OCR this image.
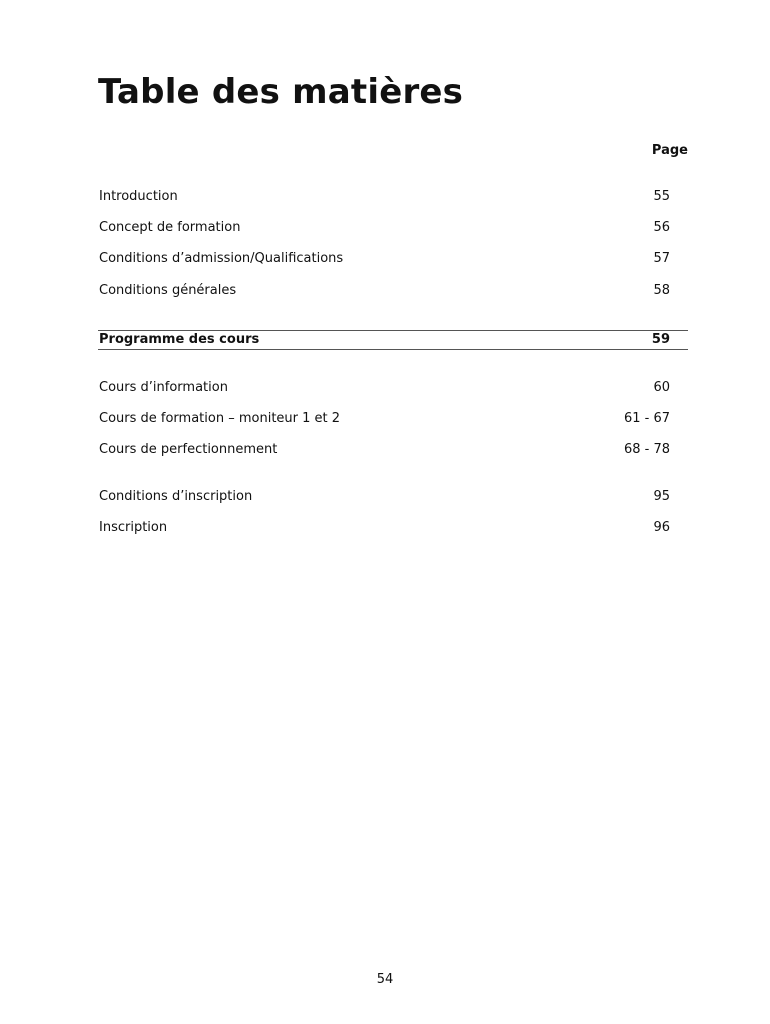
Table des matières
Page
Introduction	55
Concept de formation	56
Conditions d’admission/Qualifications	57
Conditions générales	58
Programme des cours	59
Cours d’information	60
Cours de formation – moniteur 1 et 2	61 - 67
Cours de perfectionnement	68 - 78
Conditions d’inscription	95
Inscription	96
54
